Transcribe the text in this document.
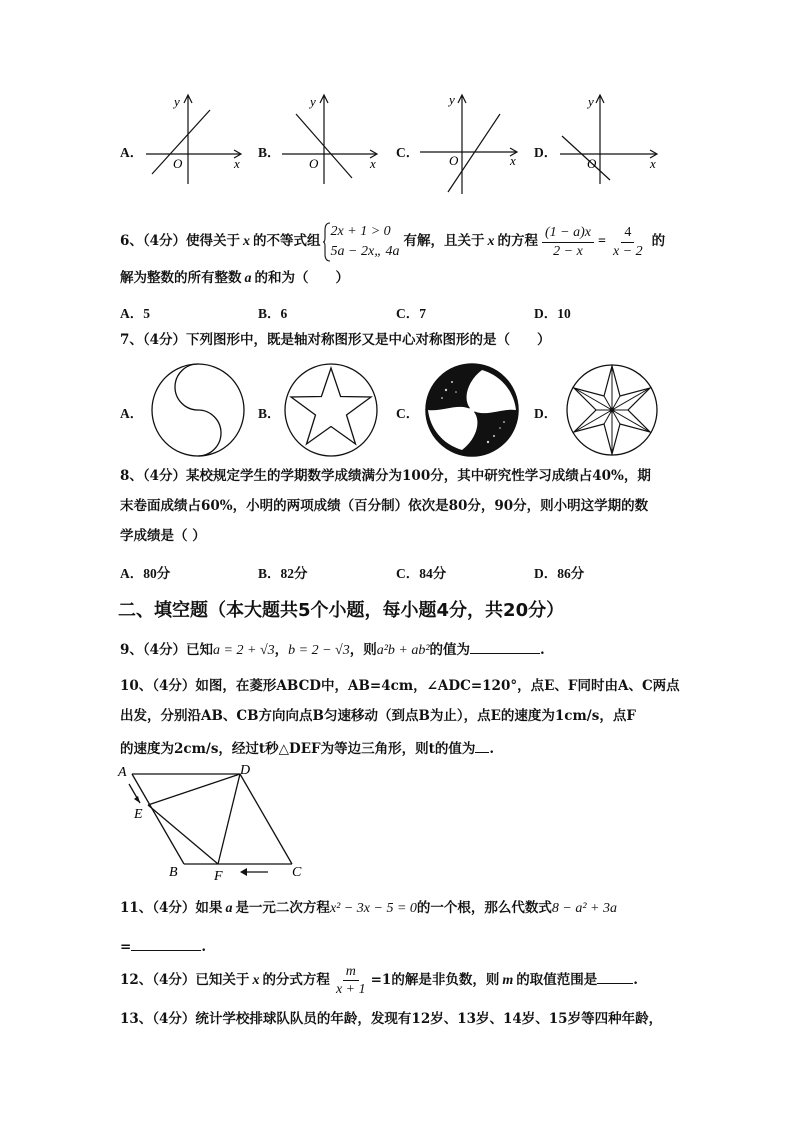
A．
y
O	x
B．
y
O	x
C．
y
O	x
D．
y
O	x
6、（4分）使得关于 x 的不等式组
2x + 1 > 0
5a − 2x„ 4a
有解，且关于 x 的方程 $\frac{(1 - a)x}{2 - x} = \frac{4}{x - 2}$ 的
解为整数的所有整数 a 的和为（　　）
A．5	B．6	C．7	D．10
7、（4分）下列图形中，既是轴对称图形又是中心对称图形的是（　　）
A．	B．	C．	D．
8、（4分）某校规定学生的学期数学成绩满分为100分，其中研究性学习成绩占40%，期
末卷面成绩占60%，小明的两项成绩（百分制）依次是80分，90分，则小明这学期的数
学成绩是（ ）
A．80分	B．82分	C．84分	D．86分
二、填空题（本大题共5个小题，每小题4分，共20分）
9、（4分）已知 a = 2 + √3 ， b = 2 − √3 ，则 a²b + ab² 的值为	.
10、（4分）如图，在菱形ABCD中，AB=4cm，∠ADC=120°，点E、F同时由A、C两点
出发，分别沿AB、CB方向向点B匀速移动（到点B为止），点E的速度为1cm/s，点F
的速度为2cm/s，经过t秒△DEF为等边三角形，则t的值为 .
A	D
E
B	F	C
11、（4分）如果 a 是一元二次方程 x² − 3x − 5 = 0 的一个根，那么代数式 8 − a² + 3a
=	.
12、（4分）已知关于 x 的分式方程 $\frac{m}{x + 1} =1$ 的解是非负数，则 m 的取值范围是	.
13、（4分）统计学校排球队队员的年龄，发现有12岁、13岁、14岁、15岁等四种年龄，
